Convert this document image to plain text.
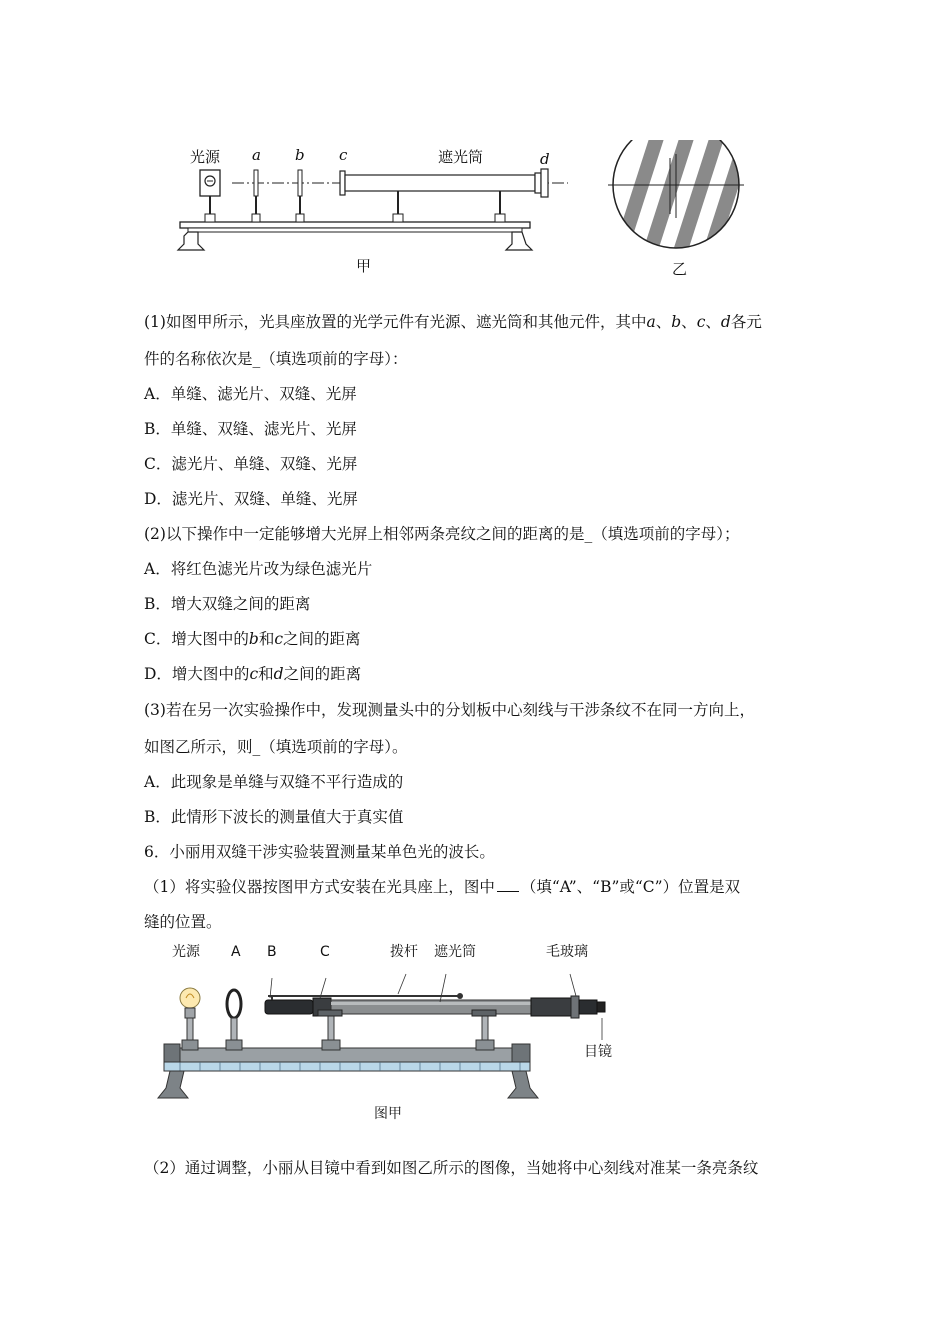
光源 a b c	遮光筒	d
甲	乙
(1)如图甲所示，光具座放置的光学元件有光源、遮光筒和其他元件，其中a、b、c、d各元
件的名称依次是_（填选项前的字母）：
A．单缝、滤光片、双缝、光屏
B．单缝、双缝、滤光片、光屏
C．滤光片、单缝、双缝、光屏
D．滤光片、双缝、单缝、光屏
(2)以下操作中一定能够增大光屏上相邻两条亮纹之间的距离的是_（填选项前的字母）；
A．将红色滤光片改为绿色滤光片
B．增大双缝之间的距离
C．增大图中的b和c之间的距离
D．增大图中的c和d之间的距离
(3)若在另一次实验操作中，发现测量头中的分划板中心刻线与干涉条纹不在同一方向上，
如图乙所示，则_（填选项前的字母）。
A．此现象是单缝与双缝不平行造成的
B．此情形下波长的测量值大于真实值
6．小丽用双缝干涉实验装置测量某单色光的波长。
（1）将实验仪器按图甲方式安装在光具座上，图中 （填“A”、“B”或“C”）位置是双
缝的位置。
光源 A B	C	拨杆 遮光筒	毛玻璃
目镜
图甲
（2）通过调整，小丽从目镜中看到如图乙所示的图像，当她将中心刻线对准某一条亮条纹
